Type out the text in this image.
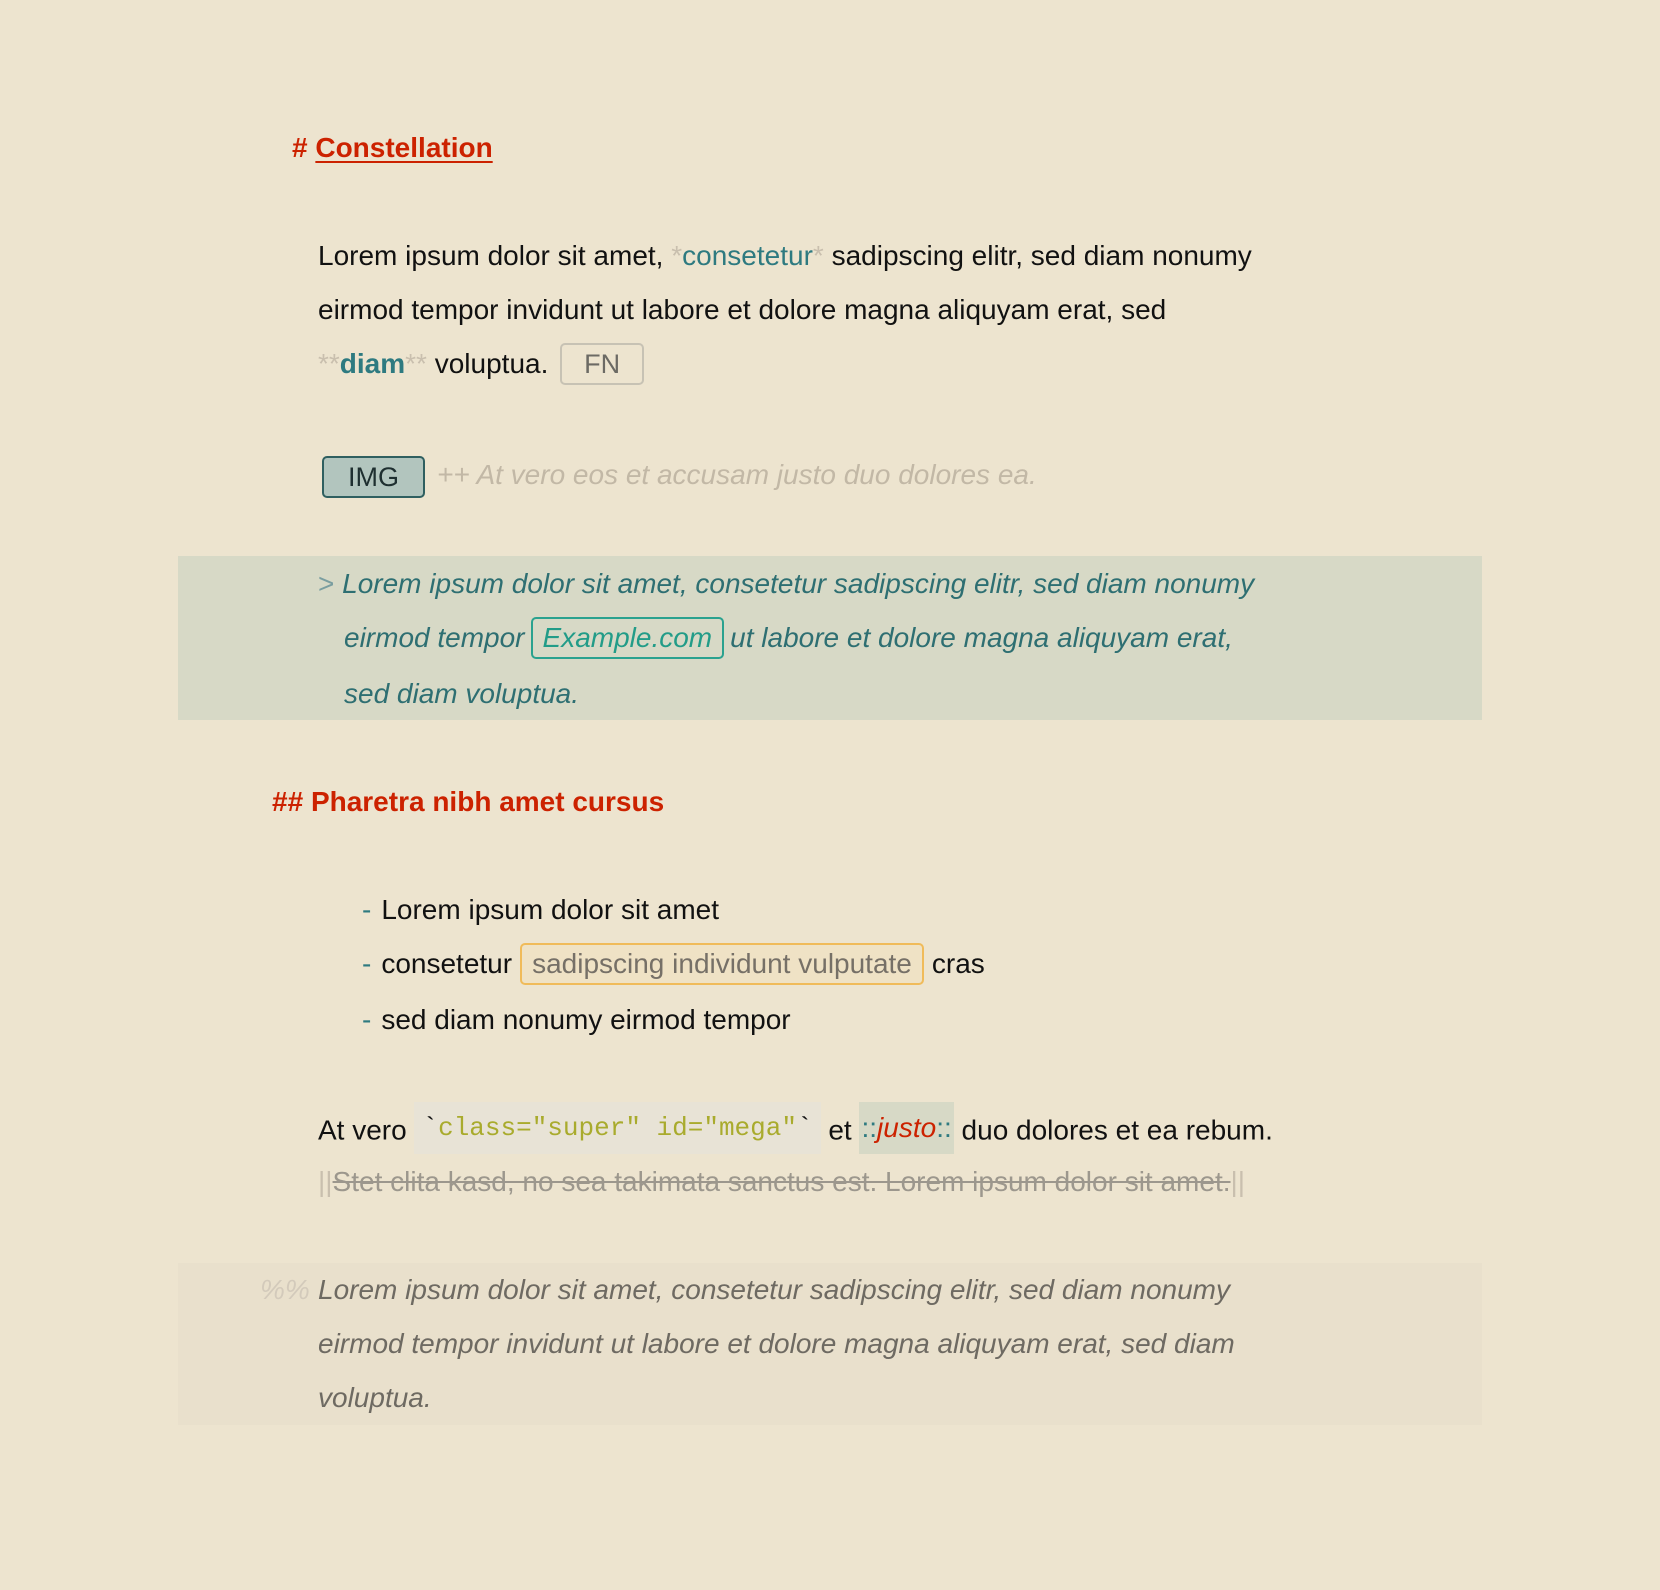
# Constellation
Lorem ipsum dolor sit amet, *consetetur* sadipscing elitr, sed diam nonumy
eirmod tempor invidunt ut labore et dolore magna aliquyam erat, sed
**diam** voluptua. FN
IMG ++ At vero eos et accusam justo duo dolores ea.
> Lorem ipsum dolor sit amet, consetetur sadipscing elitr, sed diam nonumy
eirmod tempor Example.com ut labore et dolore magna aliquyam erat,
sed diam voluptua.
## Pharetra nibh amet cursus
- Lorem ipsum dolor sit amet
- consetetur sadipscing individunt vulputate cras
- sed diam nonumy eirmod tempor
At vero `class="super" id="mega"` et ::justo:: duo dolores et ea rebum.
||Stet clita kasd, no sea takimata sanctus est. Lorem ipsum dolor sit amet.||
%% Lorem ipsum dolor sit amet, consetetur sadipscing elitr, sed diam nonumy
eirmod tempor invidunt ut labore et dolore magna aliquyam erat, sed diam
voluptua.
